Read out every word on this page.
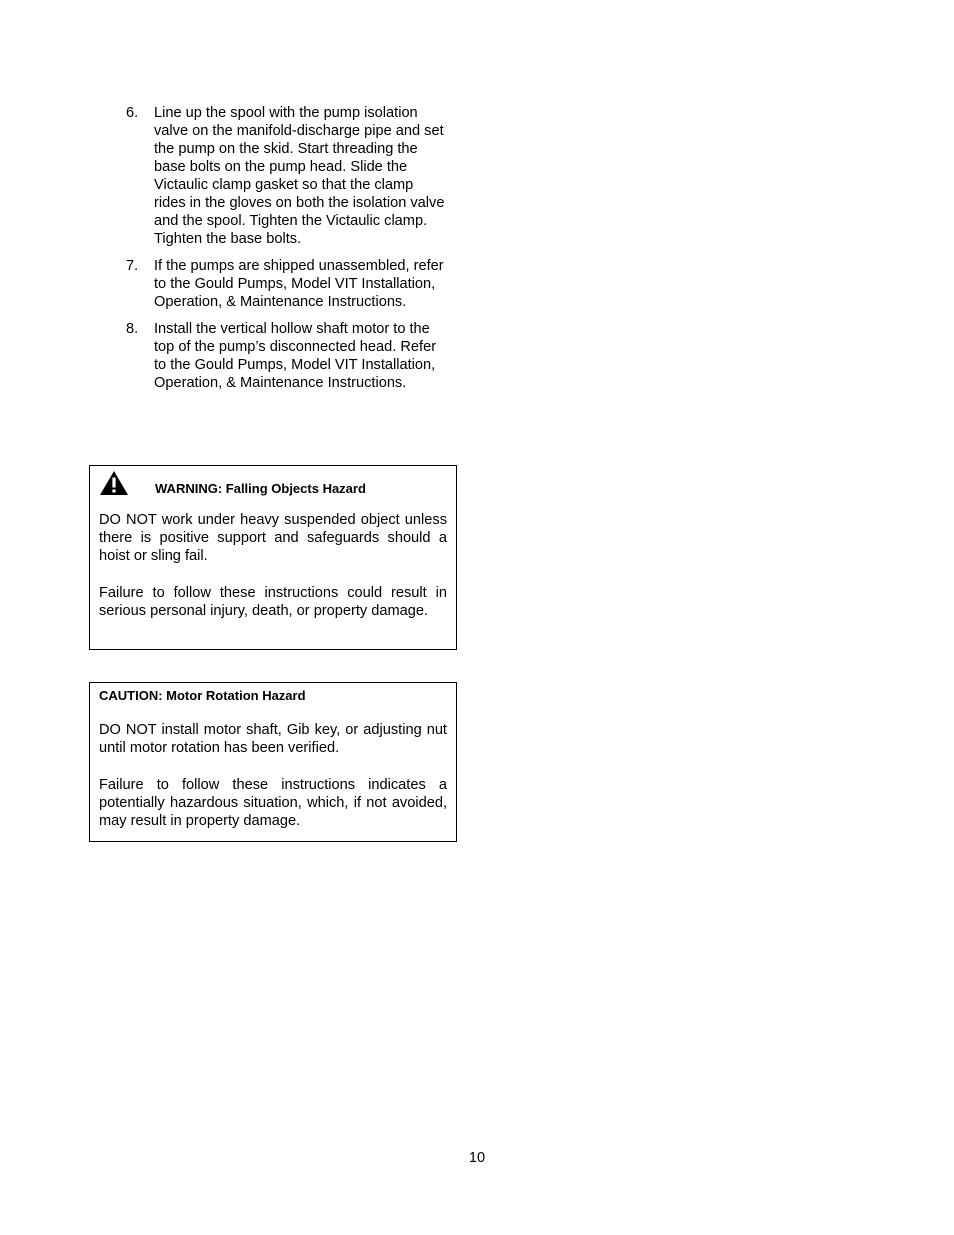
6.	Line up the spool with the pump isolation valve on the manifold-discharge pipe and set the pump on the skid. Start threading the base bolts on the pump head. Slide the Victaulic clamp gasket so that the clamp rides in the gloves on both the isolation valve and the spool. Tighten the Victaulic clamp. Tighten the base bolts.
7.	If the pumps are shipped unassembled, refer to the Gould Pumps, Model VIT Installation, Operation, & Maintenance Instructions.
8.	Install the vertical hollow shaft motor to the top of the pump’s disconnected head. Refer to the Gould Pumps, Model VIT Installation, Operation, & Maintenance Instructions.
WARNING: Falling Objects Hazard

DO NOT work under heavy suspended object unless there is positive support and safeguards should a hoist or sling fail.

Failure to follow these instructions could result in serious personal injury, death, or property damage.

CAUTION: Motor Rotation Hazard

DO NOT install motor shaft, Gib key, or adjusting nut until motor rotation has been verified.

Failure to follow these instructions indicates a potentially hazardous situation, which, if not avoided, may result in property damage.

10
